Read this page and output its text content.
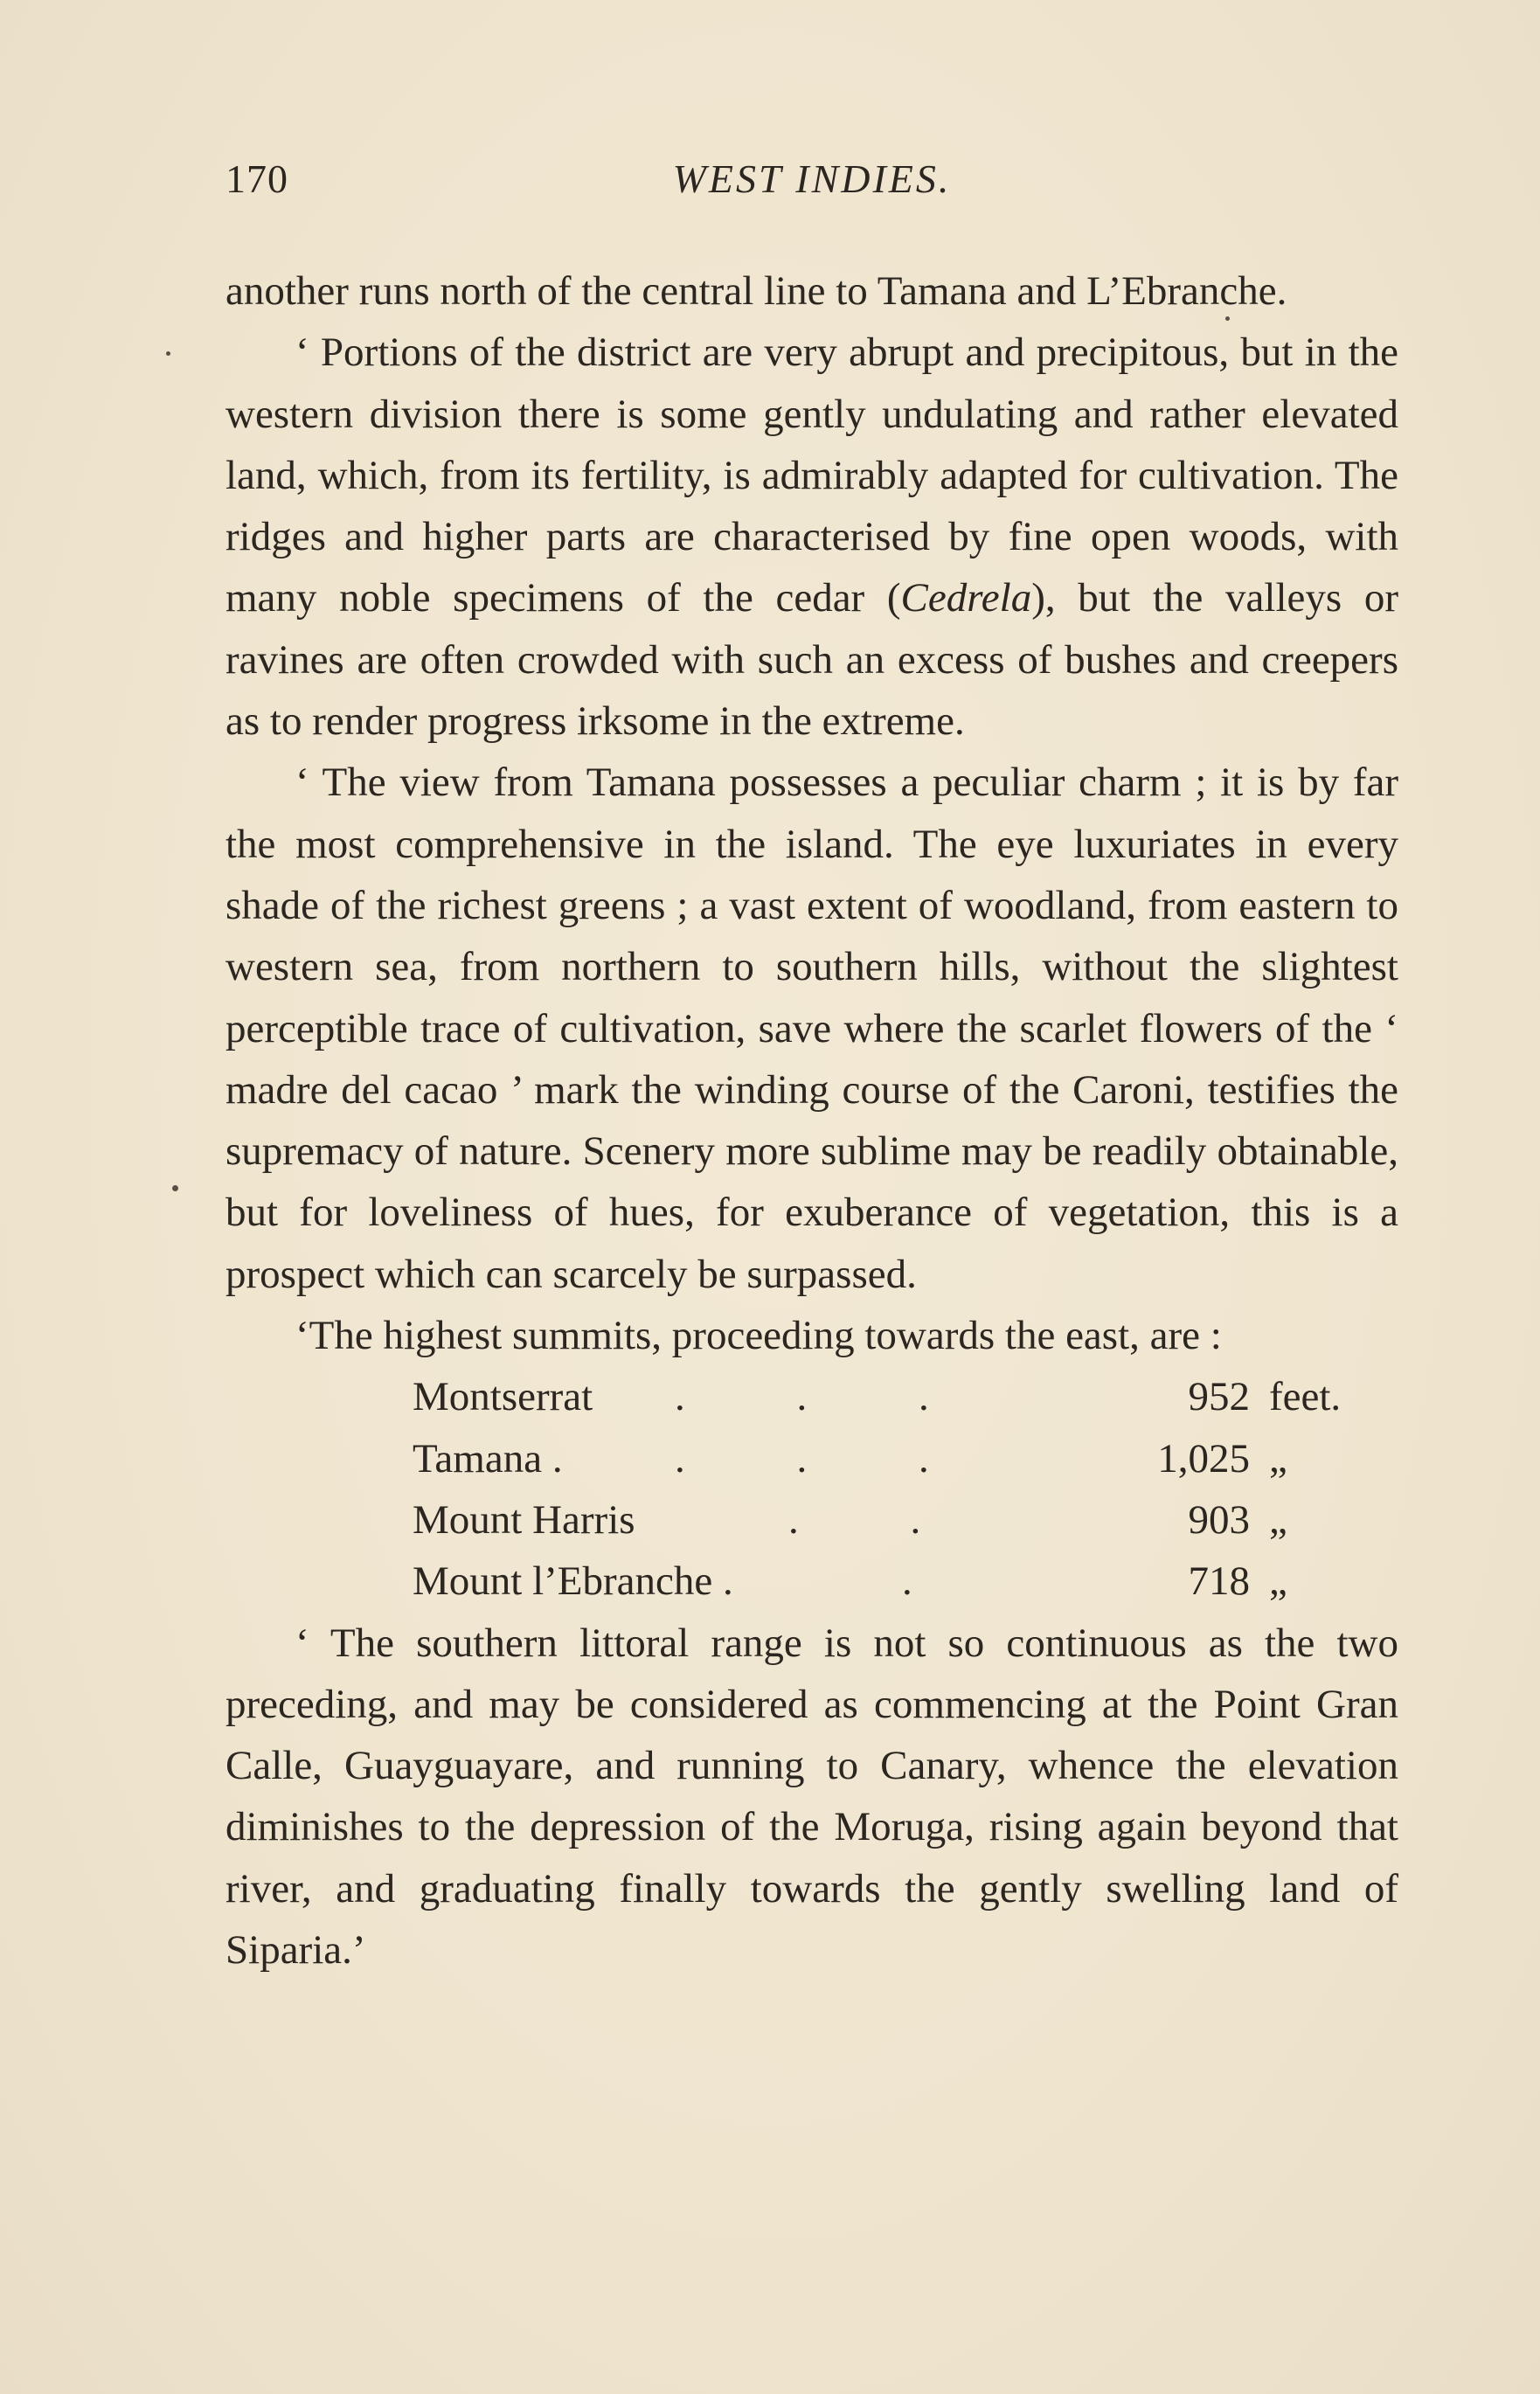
170	WEST INDIES.

another runs north of the central line to Tamana and L’Ebranche.

‘ Portions of the district are very abrupt and precipitous, but in the western division there is some gently undulating and rather elevated land, which, from its fertility, is admirably adapted for cultivation. The ridges and higher parts are characterised by fine open woods, with many noble specimens of the cedar (Cedrela), but the valleys or ravines are often crowded with such an excess of bushes and creepers as to render progress irksome in the extreme.

‘ The view from Tamana possesses a peculiar charm ; it is by far the most comprehensive in the island. The eye luxuriates in every shade of the richest greens ; a vast extent of woodland, from eastern to western sea, from northern to southern hills, without the slightest perceptible trace of cultivation, save where the scarlet flowers of the ‘ madre del cacao ’ mark the winding course of the Caroni, testifies the supremacy of nature. Scenery more sublime may be readily obtainable, but for loveliness of hues, for exuberance of vegetation, this is a prospect which can scarcely be surpassed.

‘The highest summits, proceeding towards the east, are :

Montserrat . . .	952 feet.
Tamana .	. . .	1,025 „
Mount Harris	. .	903 „
Mount l’Ebranche .	.	718 „

‘ The southern littoral range is not so continuous as the two preceding, and may be considered as commencing at the Point Gran Calle, Guayguayare, and running to Canary, whence the elevation diminishes to the depression of the Moruga, rising again beyond that river, and graduating finally towards the gently swelling land of Siparia.’
